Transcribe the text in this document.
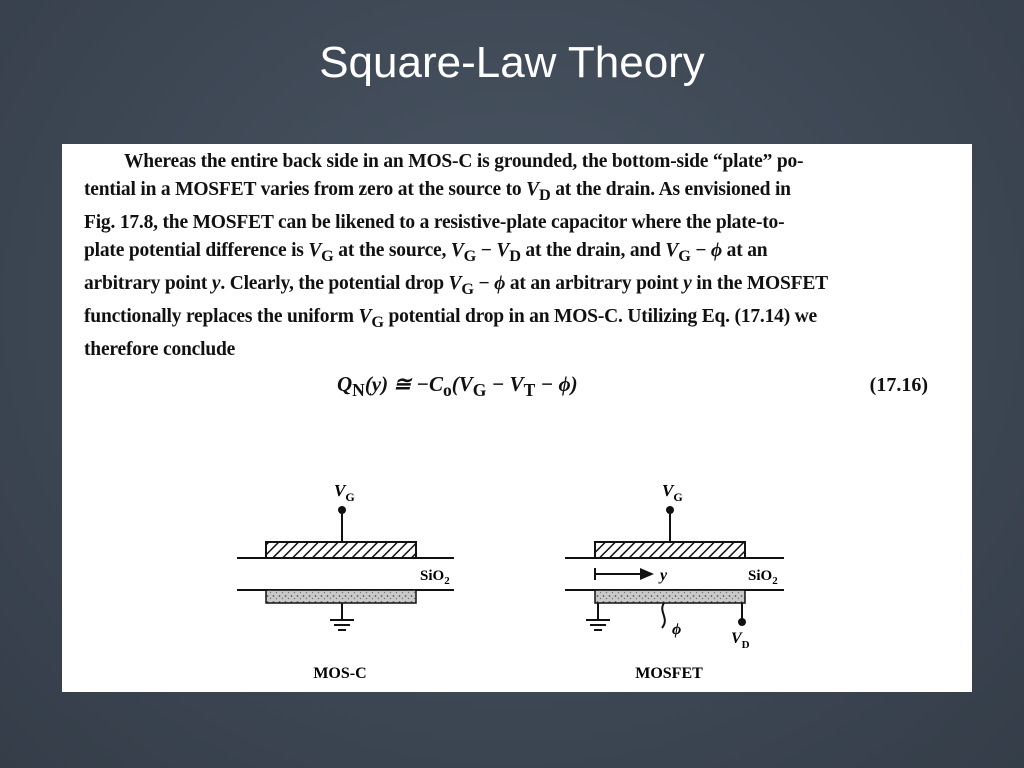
Square-Law Theory
Whereas the entire back side in an MOS-C is grounded, the bottom-side “plate” po-
tential in a MOSFET varies from zero at the source to $V_D$ at the drain. As envisioned in
Fig. 17.8, the MOSFET can be likened to a resistive-plate capacitor where the plate-to-
plate potential difference is $V_G$ at the source, $V_G - V_D$ at the drain, and $V_G - \phi$ at an
arbitrary point y. Clearly, the potential drop $V_G - \phi$ at an arbitrary point y in the MOSFET
functionally replaces the uniform $V_G$ potential drop in an MOS-C. Utilizing Eq. (17.14) we
therefore conclude
$Q_N(y)$ ≅ $-C_o(V_G - V_T - \phi)$	(17.16)
$V_G$
SiO$_2$
MOS-C
$V_G$
y	SiO$_2$
ϕ
$V_D$
MOSFET
